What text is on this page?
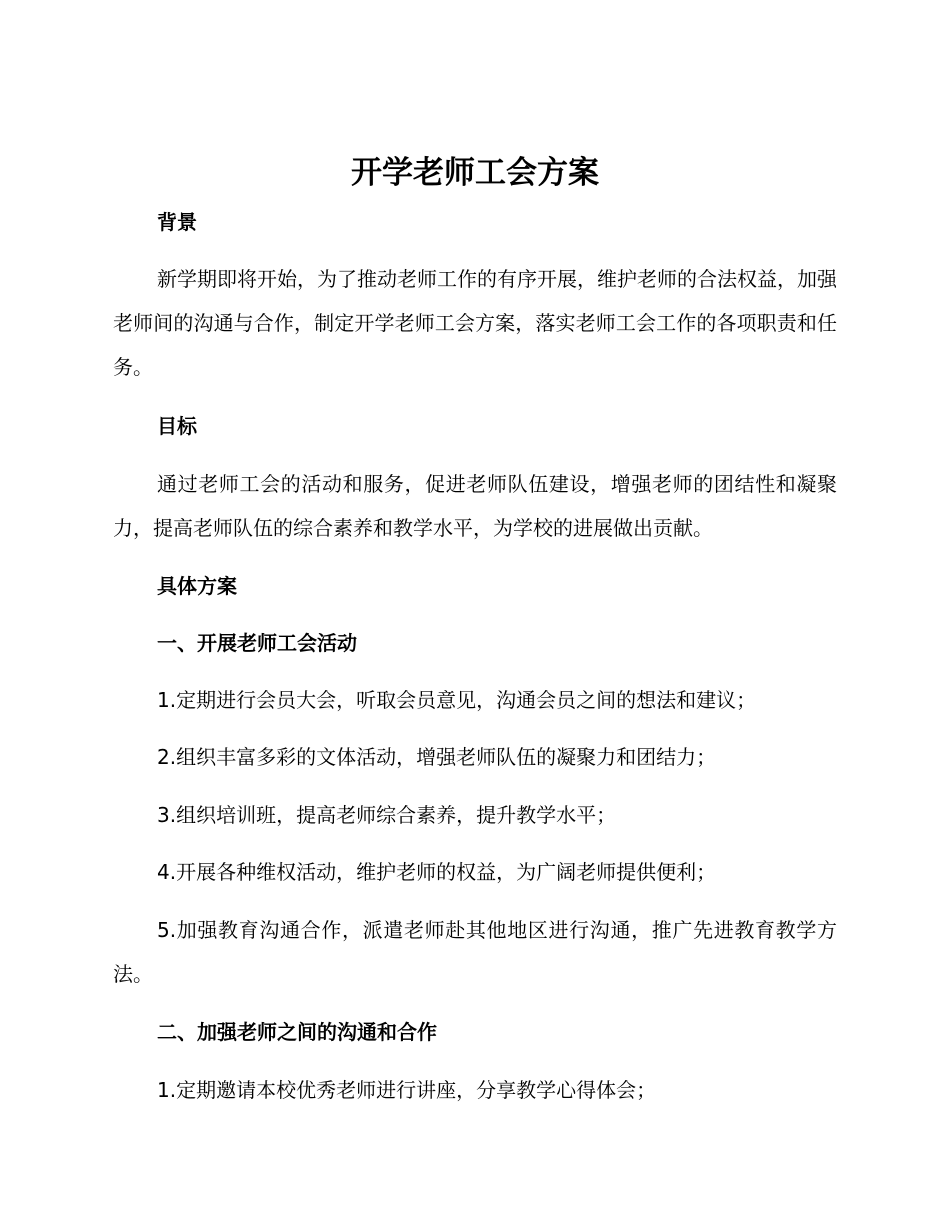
开学老师工会方案
背景

新学期即将开始，为了推动老师工作的有序开展，维护老师的合法权益，加强老师间的沟通与合作，制定开学老师工会方案，落实老师工会工作的各项职责和任务。

目标

通过老师工会的活动和服务，促进老师队伍建设，增强老师的团结性和凝聚力，提高老师队伍的综合素养和教学水平，为学校的进展做出贡献。

具体方案
一、开展老师工会活动

1.定期进行会员大会，听取会员意见，沟通会员之间的想法和建议；

2.组织丰富多彩的文体活动，增强老师队伍的凝聚力和团结力；

3.组织培训班，提高老师综合素养，提升教学水平；

4.开展各种维权活动，维护老师的权益，为广阔老师提供便利；

5.加强教育沟通合作，派遣老师赴其他地区进行沟通，推广先进教育教学方法。

二、加强老师之间的沟通和合作

1.定期邀请本校优秀老师进行讲座，分享教学心得体会；
